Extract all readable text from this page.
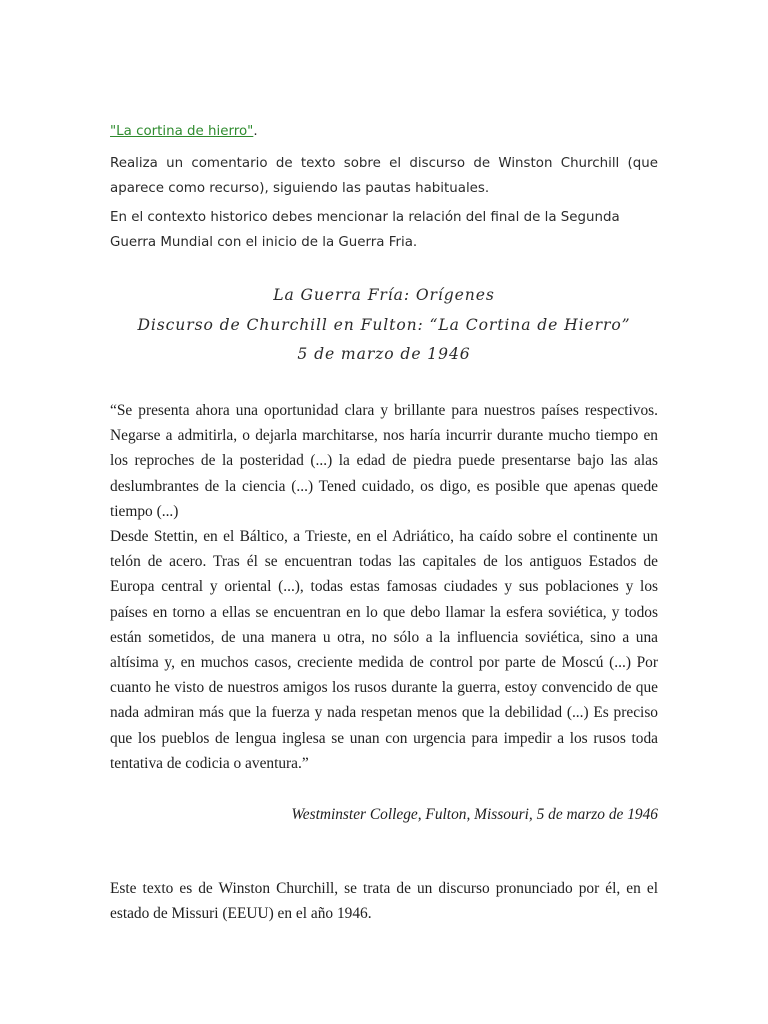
"La cortina de hierro".

Realiza un comentario de texto sobre el discurso de Winston Churchill (que aparece como recurso), siguiendo las pautas habituales.

En el contexto historico debes mencionar la relación del final de la Segunda Guerra Mundial con el inicio de la Guerra Fria.

La Guerra Fría: Orígenes
Discurso de Churchill en Fulton: “La Cortina de Hierro”
5 de marzo de 1946

“Se presenta ahora una oportunidad clara y brillante para nuestros países respectivos. Negarse a admitirla, o dejarla marchitarse, nos haría incurrir durante mucho tiempo en los reproches de la posteridad (...) la edad de piedra puede presentarse bajo las alas deslumbrantes de la ciencia (...) Tened cuidado, os digo, es posible que apenas quede tiempo (...)

Desde Stettin, en el Báltico, a Trieste, en el Adriático, ha caído sobre el continente un telón de acero. Tras él se encuentran todas las capitales de los antiguos Estados de Europa central y oriental (...), todas estas famosas ciudades y sus poblaciones y los países en torno a ellas se encuentran en lo que debo llamar la esfera soviética, y todos están sometidos, de una manera u otra, no sólo a la influencia soviética, sino a una altísima y, en muchos casos, creciente medida de control por parte de Moscú (...) Por cuanto he visto de nuestros amigos los rusos durante la guerra, estoy convencido de que nada admiran más que la fuerza y nada respetan menos que la debilidad (...) Es preciso que los pueblos de lengua inglesa se unan con urgencia para impedir a los rusos toda tentativa de codicia o aventura.”

Westminster College, Fulton, Missouri, 5 de marzo de 1946

Este texto es de Winston Churchill, se trata de un discurso pronunciado por él, en el estado de Missuri (EEUU) en el año 1946.
